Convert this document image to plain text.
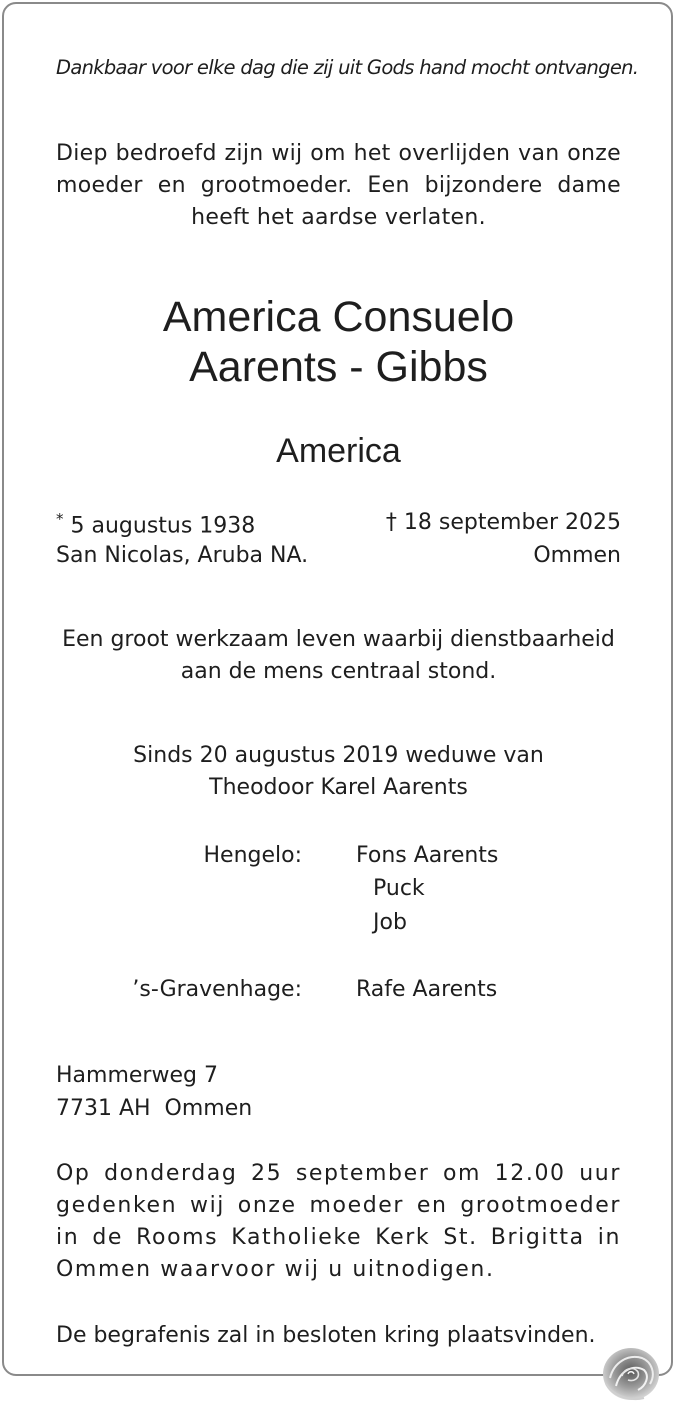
Dankbaar voor elke dag die zij uit Gods hand mocht ontvangen.
Diep bedroefd zijn wij om het overlijden van onze moeder en grootmoeder. Een bijzondere dame heeft het aardse verlaten.
America Consuelo
Aarents - Gibbs
America
* 5 augustus 1938	† 18 september 2025
San Nicolas, Aruba NA.	Ommen
Een groot werkzaam leven waarbij dienstbaarheid aan de mens centraal stond.
Sinds 20 augustus 2019 weduwe van
Theodoor Karel Aarents
Hengelo: Fons Aarents
Puck
Job
’s-Gravenhage: Rafe Aarents
Hammerweg 7
7731 AH  Ommen
Op donderdag 25 september om 12.00 uur gedenken wij onze moeder en grootmoeder in de Rooms Katholieke Kerk St. Brigitta in Ommen waarvoor wij u uitnodigen.
De begrafenis zal in besloten kring plaatsvinden.
